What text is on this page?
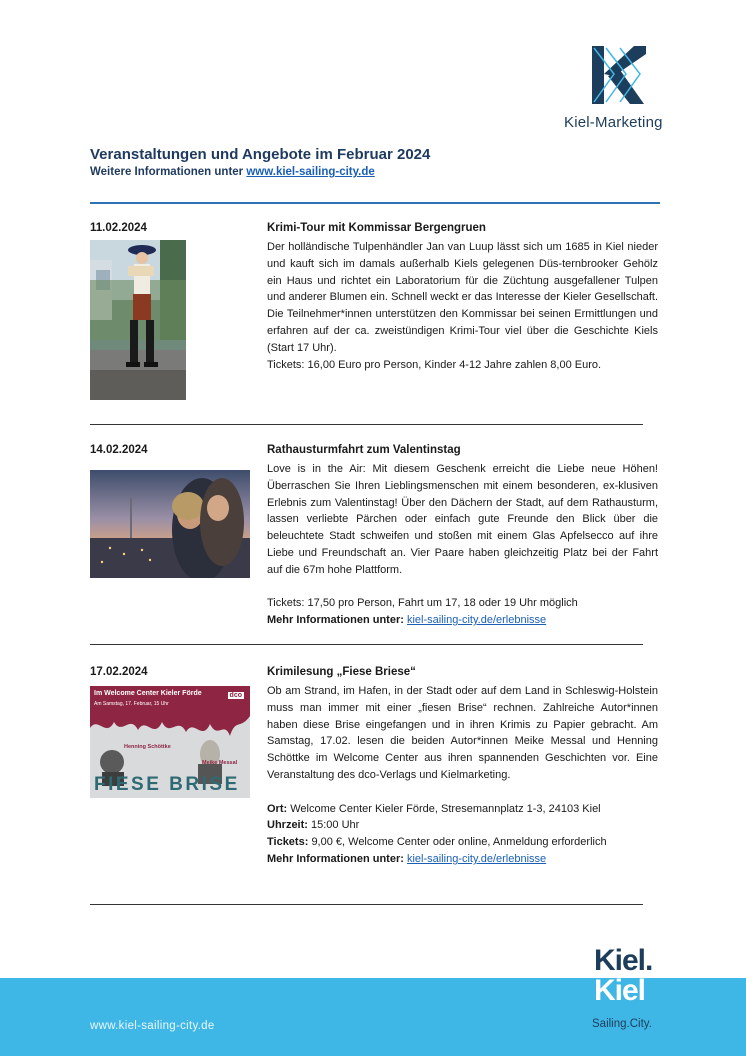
Kiel-Marketing
Veranstaltungen und Angebote im Februar 2024
Weitere Informationen unter www.kiel-sailing-city.de
11.02.2024	Krimi-Tour mit Kommissar Bergengruen

Der holländische Tulpenhändler Jan van Luup lässt sich um 1685 in Kiel nieder und kauft sich im damals außerhalb Kiels gelegenen Düs-ternbrooker Gehölz ein Haus und richtet ein Laboratorium für die Züchtung ausgefallener Tulpen und anderer Blumen ein. Schnell weckt er das Interesse der Kieler Gesellschaft. Die Teilnehmer*innen unterstützen den Kommissar bei seinen Ermittlungen und erfahren auf der ca. zweistündigen Krimi-Tour viel über die Geschichte Kiels (Start 17 Uhr).

Tickets: 16,00 Euro pro Person, Kinder 4-12 Jahre zahlen 8,00 Euro.

14.02.2024	Rathausturmfahrt zum Valentinstag

Love is in the Air: Mit diesem Geschenk erreicht die Liebe neue Höhen! Überraschen Sie Ihren Lieblingsmenschen mit einem besonderen, ex-klusiven Erlebnis zum Valentinstag! Über den Dächern der Stadt, auf dem Rathausturm, lassen verliebte Pärchen oder einfach gute Freunde den Blick über die beleuchtete Stadt schweifen und stoßen mit einem Glas Apfelsecco auf ihre Liebe und Freundschaft an. Vier Paare haben gleichzeitig Platz bei der Fahrt auf die 67m hohe Plattform.

Tickets: 17,50 pro Person, Fahrt um 17, 18 oder 19 Uhr möglich

Mehr Informationen unter: kiel-sailing-city.de/erlebnisse

17.02.2024
Im Welcome Center Kieler Förde
Am Samstag, 17. Februar, 15 Uhr
dco
Henning Schöttke
Meike Messal
FIESE BRISE
Krimilesung „Fiese Briese“

Ob am Strand, im Hafen, in der Stadt oder auf dem Land in Schleswig-Holstein muss man immer mit einer „fiesen Brise“ rechnen. Zahlreiche Autor*innen haben diese Brise eingefangen und in ihren Krimis zu Papier gebracht. Am Samstag, 17.02. lesen die beiden Autor*innen Meike Messal und Henning Schöttke im Welcome Center aus ihren spannenden Geschichten vor. Eine Veranstaltung des dco-Verlags und Kielmarketing.

Ort: Welcome Center Kieler Förde, Stresemannplatz 1-3, 24103 Kiel

Uhrzeit: 15:00 Uhr

Tickets: 9,00 €, Welcome Center oder online, Anmeldung erforderlich

Mehr Informationen unter: kiel-sailing-city.de/erlebnisse

www.kiel-sailing-city.de
Kiel.
Kiel
Sailing.City.
